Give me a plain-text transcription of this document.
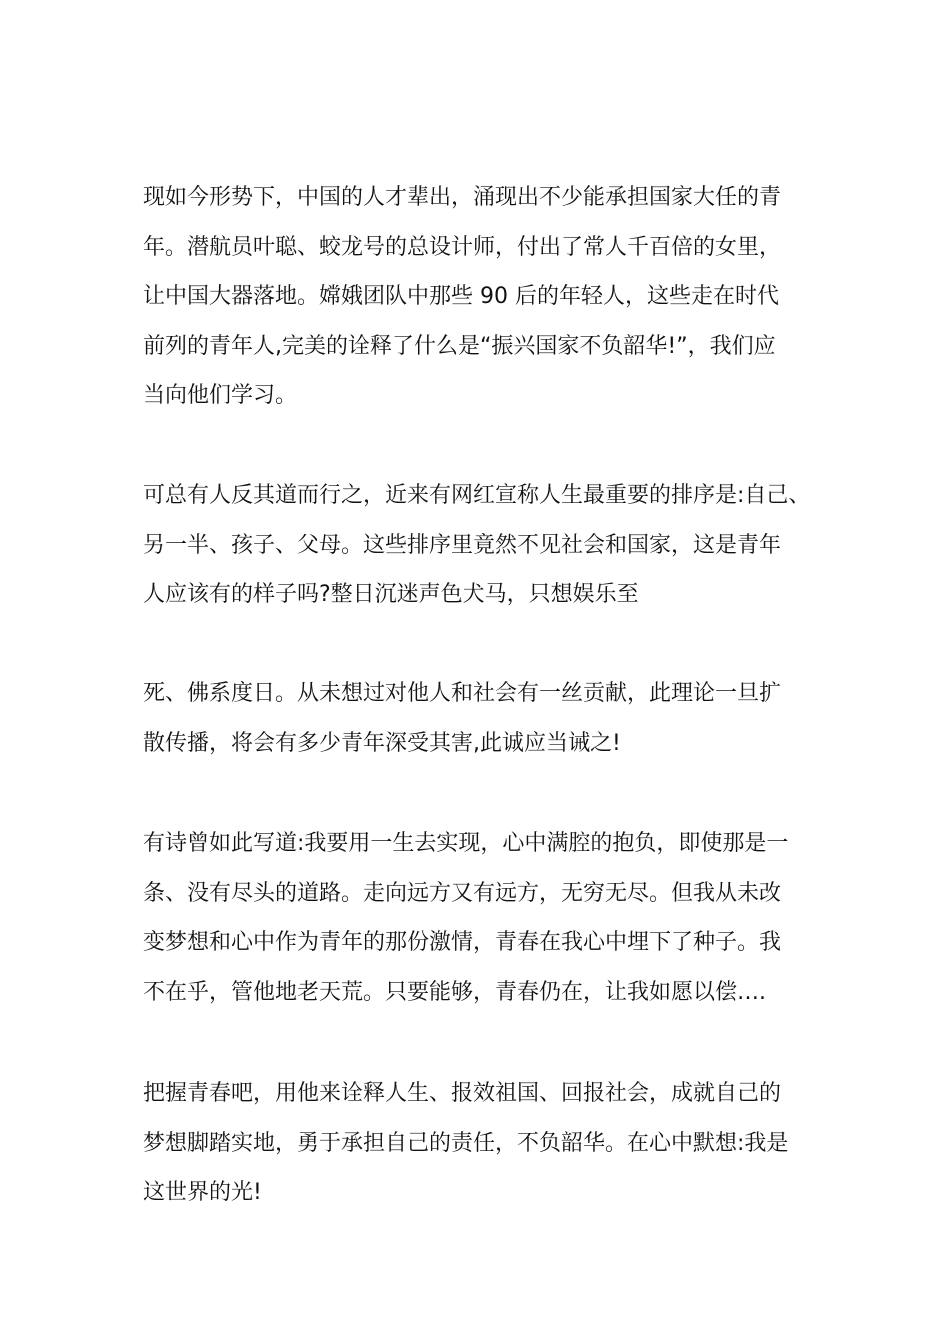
现如今形势下，中国的人才辈出，涌现出不少能承担国家大任的青
年。潜航员叶聪、蛟龙号的总设计师，付出了常人千百倍的女里，
让中国大器落地。嫦娥团队中那些 90 后的年轻人，这些走在时代
前列的青年人,完美的诠释了什么是“振兴国家不负韶华!”，我们应
当向他们学习。
可总有人反其道而行之，近来有网红宣称人生最重要的排序是:自己、
另一半、孩子、父母。这些排序里竟然不见社会和国家，这是青年
人应该有的样子吗?整日沉迷声色犬马，只想娱乐至
死、佛系度日。从未想过对他人和社会有一丝贡献，此理论一旦扩
散传播，将会有多少青年深受其害,此诚应当诫之!
有诗曾如此写道:我要用一生去实现，心中满腔的抱负，即使那是一
条、没有尽头的道路。走向远方又有远方，无穷无尽。但我从未改
变梦想和心中作为青年的那份激情，青春在我心中埋下了种子。我
不在乎，管他地老天荒。只要能够，青春仍在，让我如愿以偿….
把握青春吧，用他来诠释人生、报效祖国、回报社会，成就自己的
梦想脚踏实地，勇于承担自己的责任，不负韶华。在心中默想:我是
这世界的光!
